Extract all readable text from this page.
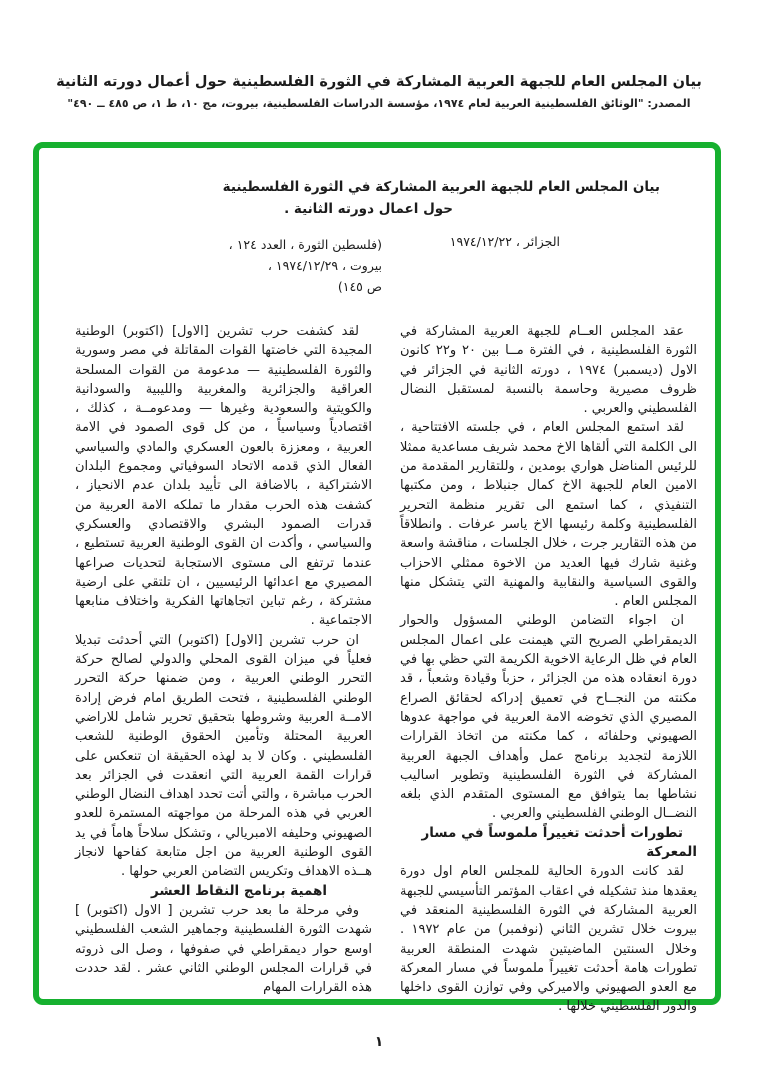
بيان المجلس العام للجبهة العربية المشاركة في الثورة الفلسطينية حول أعمال دورته الثانية
المصدر: "الوثائق الفلسطينية العربية لعام ١٩٧٤، مؤسسة الدراسات الفلسطينية، بيروت، مج ١٠، ط ١، ص ٤٨٥ ــ ٤٩٠"
بيان المجلس العام للجبهة العربية المشاركة في الثورة الفلسطينية
حول اعمال دورته الثانية .
الجزائر ، ١٩٧٤/١٢/٢٢
(فلسطين الثورة ، العدد ١٢٤ ،
بيروت ، ١٩٧٤/١٢/٢٩ ،
ص ١٤٥)

عقد المجلس العــام للجبهة العربية المشاركة في الثورة الفلسطينية ، في الفترة مــا بين ٢٠ و٢٢ كانون الاول (ديسمبر) ١٩٧٤ ، دورته الثانية في الجزائر في ظروف مصيرية وحاسمة بالنسبة لمستقبل النضال الفلسطيني والعربي .

لقد استمع المجلس العام ، في جلسته الافتتاحية ، الى الكلمة التي ألقاها الاخ محمد شريف مساعدية ممثلا للرئيس المناضل هواري بومدين ، وللتقارير المقدمة من الامين العام للجبهة الاخ كمال جنبلاط ، ومن مكتبها التنفيذي ، كما استمع الى تقرير منظمة التحرير الفلسطينية وكلمة رئيسها الاخ ياسر عرفات . وانطلاقاً من هذه التقارير جرت ، خلال الجلسات ، مناقشة واسعة وغنية شارك فيها العديد من الاخوة ممثلي الاحزاب والقوى السياسية والنقابية والمهنية التي يتشكل منها المجلس العام .

ان اجواء التضامن الوطني المسؤول والحوار الديمقراطي الصريح التي هيمنت على اعمال المجلس العام في ظل الرعاية الاخوية الكريمة التي حظي بها في دورة انعقاده هذه من الجزائر ، حزباً وقيادة وشعباً ، قد مكنته من النجــاح في تعميق إدراكه لحقائق الصراع المصيري الذي تخوضه الامة العربية في مواجهة عدوها الصهيوني وحلفائه ، كما مكنته من اتخاذ القرارات اللازمة لتجديد برنامج عمل وأهداف الجبهة العربية المشاركة في الثورة الفلسطينية وتطوير اساليب نشاطها بما يتوافق مع المستوى المتقدم الذي بلغه النضــال الوطني الفلسطيني والعربي .

تطورات أحدثت تغييراً ملموساً في مسار المعركة

لقد كانت الدورة الحالية للمجلس العام اول دورة يعقدها منذ تشكيله في اعقاب المؤتمر التأسيسي للجبهة العربية المشاركة في الثورة الفلسطينية المنعقد في بيروت خلال تشرين الثاني (نوفمبر) من عام ١٩٧٢ . وخلال السنتين الماضيتين شهدت المنطقة العربية تطورات هامة أحدثت تغييراً ملموساً في مسار المعركة مع العدو الصهيوني والاميركي وفي توازن القوى داخلها والدور الفلسطيني خلالها .

لقد كشفت حرب تشرين [الاول] (اكتوبر) الوطنية المجيدة التي خاضتها القوات المقاتلة في مصر وسورية والثورة الفلسطينية — مدعومة من القوات المسلحة العراقية والجزائرية والمغربية والليبية والسودانية والكويتية والسعودية وغيرها — ومدعومــة ، كذلك ، اقتصادياً وسياسياً ، من كل قوى الصمود في الامة العربية ، ومعززة بالعون العسكري والمادي والسياسي الفعال الذي قدمه الاتحاد السوفياتي ومجموع البلدان الاشتراكية ، بالاضافة الى تأييد بلدان عدم الانحياز ، كشفت هذه الحرب مقدار ما تملكه الامة العربية من قدرات الصمود البشري والاقتصادي والعسكري والسياسي ، وأكدت ان القوى الوطنية العربية تستطيع ، عندما ترتفع الى مستوى الاستجابة لتحديات صراعها المصيري مع اعدائها الرئيسيين ، ان تلتقي على ارضية مشتركة ، رغم تباين اتجاهاتها الفكرية واختلاف منابعها الاجتماعية .

ان حرب تشرين [الاول] (اكتوبر) التي أحدثت تبديلا فعلياً في ميزان القوى المحلي والدولي لصالح حركة التحرر الوطني العربية ، ومن ضمنها حركة التحرر الوطني الفلسطينية ، فتحت الطريق امام فرض إرادة الامــة العربية وشروطها بتحقيق تحرير شامل للاراضي العربية المحتلة وتأمين الحقوق الوطنية للشعب الفلسطيني . وكان لا بد لهذه الحقيقة ان تنعكس على قرارات القمة العربية التي انعقدت في الجزائر بعد الحرب مباشرة ، والتي أتت تحدد اهداف النضال الوطني العربي في هذه المرحلة من مواجهته المستمرة للعدو الصهيوني وحليفه الامبريالي ، وتشكل سلاحاً هاماً في يد القوى الوطنية العربية من اجل متابعة كفاحها لانجاز هــذه الاهداف وتكريس التضامن العربي حولها .

اهمية برنامج النقاط العشر

وفي مرحلة ما بعد حرب تشرين [ الاول (اكتوبر) ] شهدت الثورة الفلسطينية وجماهير الشعب الفلسطيني اوسع حوار ديمقراطي في صفوفها ، وصل الى ذروته في قرارات المجلس الوطني الثاني عشر . لقد حددت هذه القرارات المهام

١
